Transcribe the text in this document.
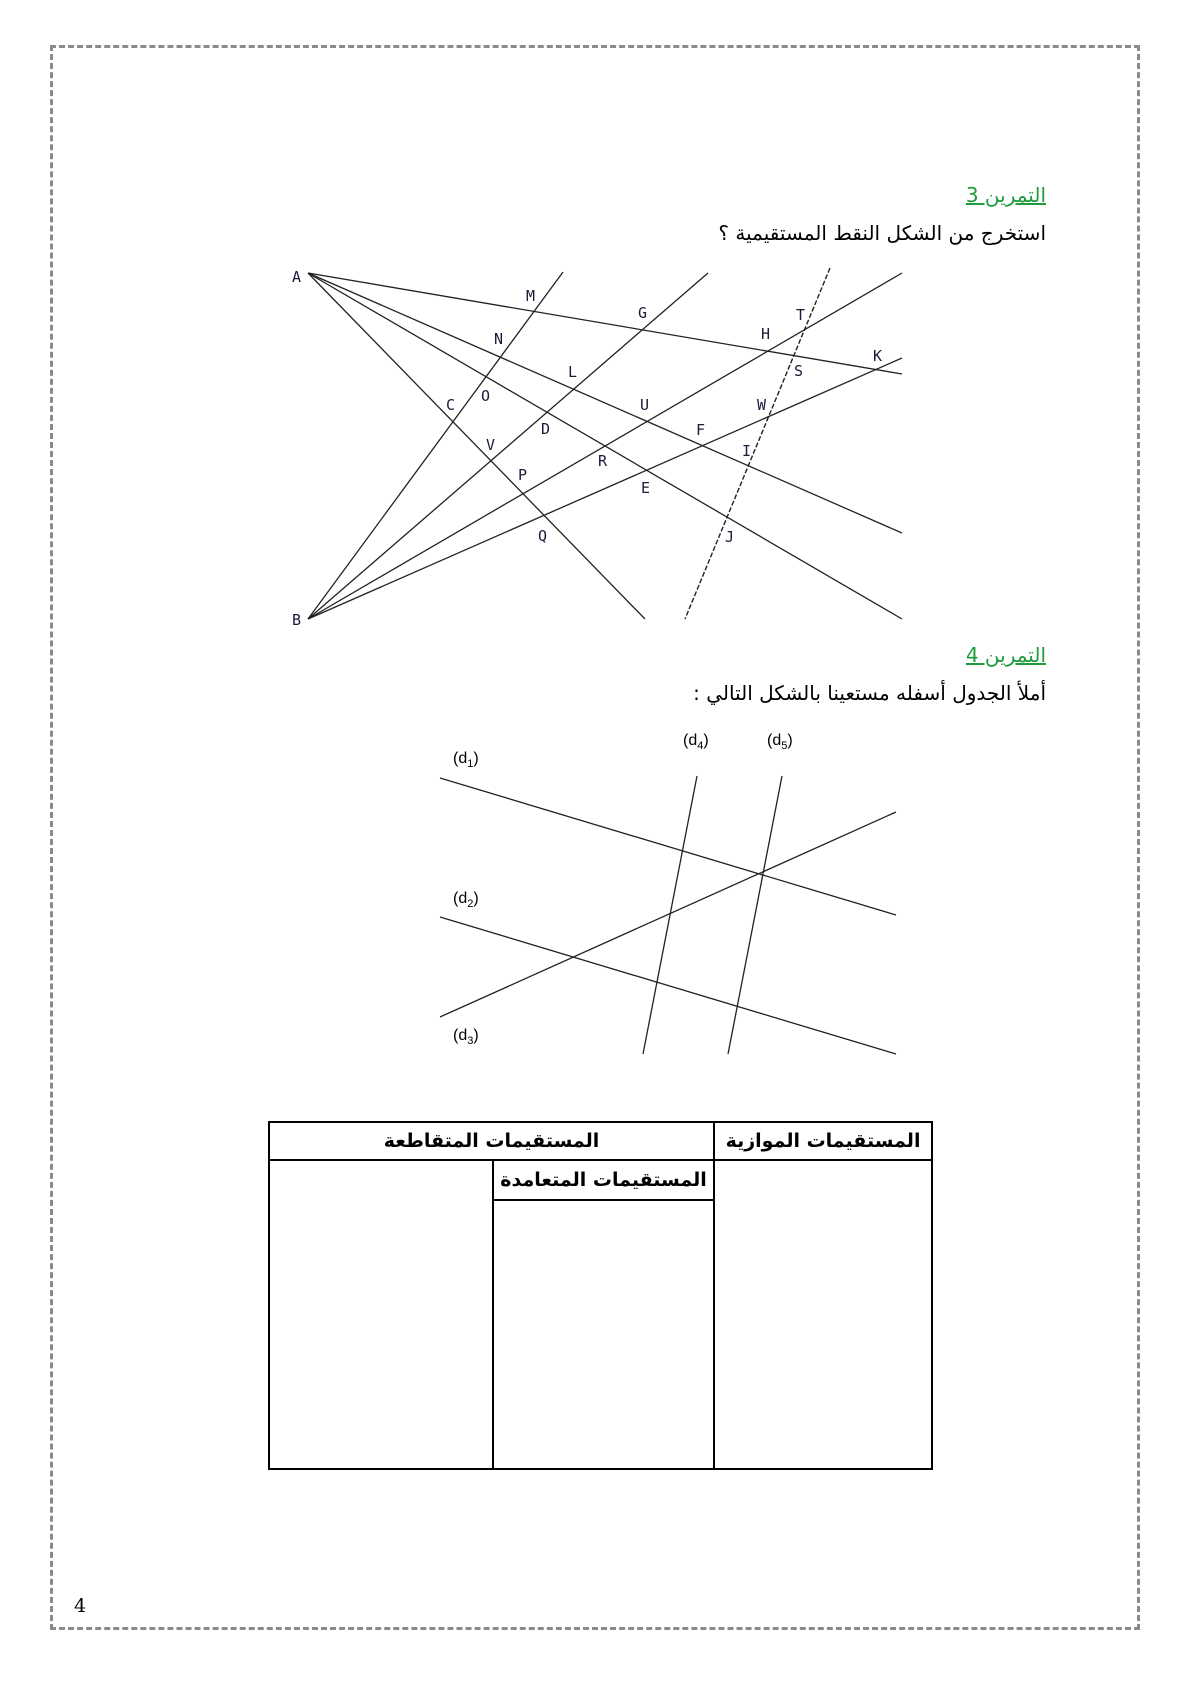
التمرين 3
استخرج من الشكل النقط المستقيمية ؟
A
M
G	T
H
K
S
N
L
C O	U	W
F
D
V	I
R
P
E
Q	J
B
التمرين 4
أملأ الجدول أسفله مستعينا بالشكل التالي :
$(d_1)$
$(d_2)$
$(d_3)$
$(d_4)$	$(d_5)$
المستقيمات الموازية	المستقيمات المتقاطعة	

	المستقيمات المتعامدة	

4
